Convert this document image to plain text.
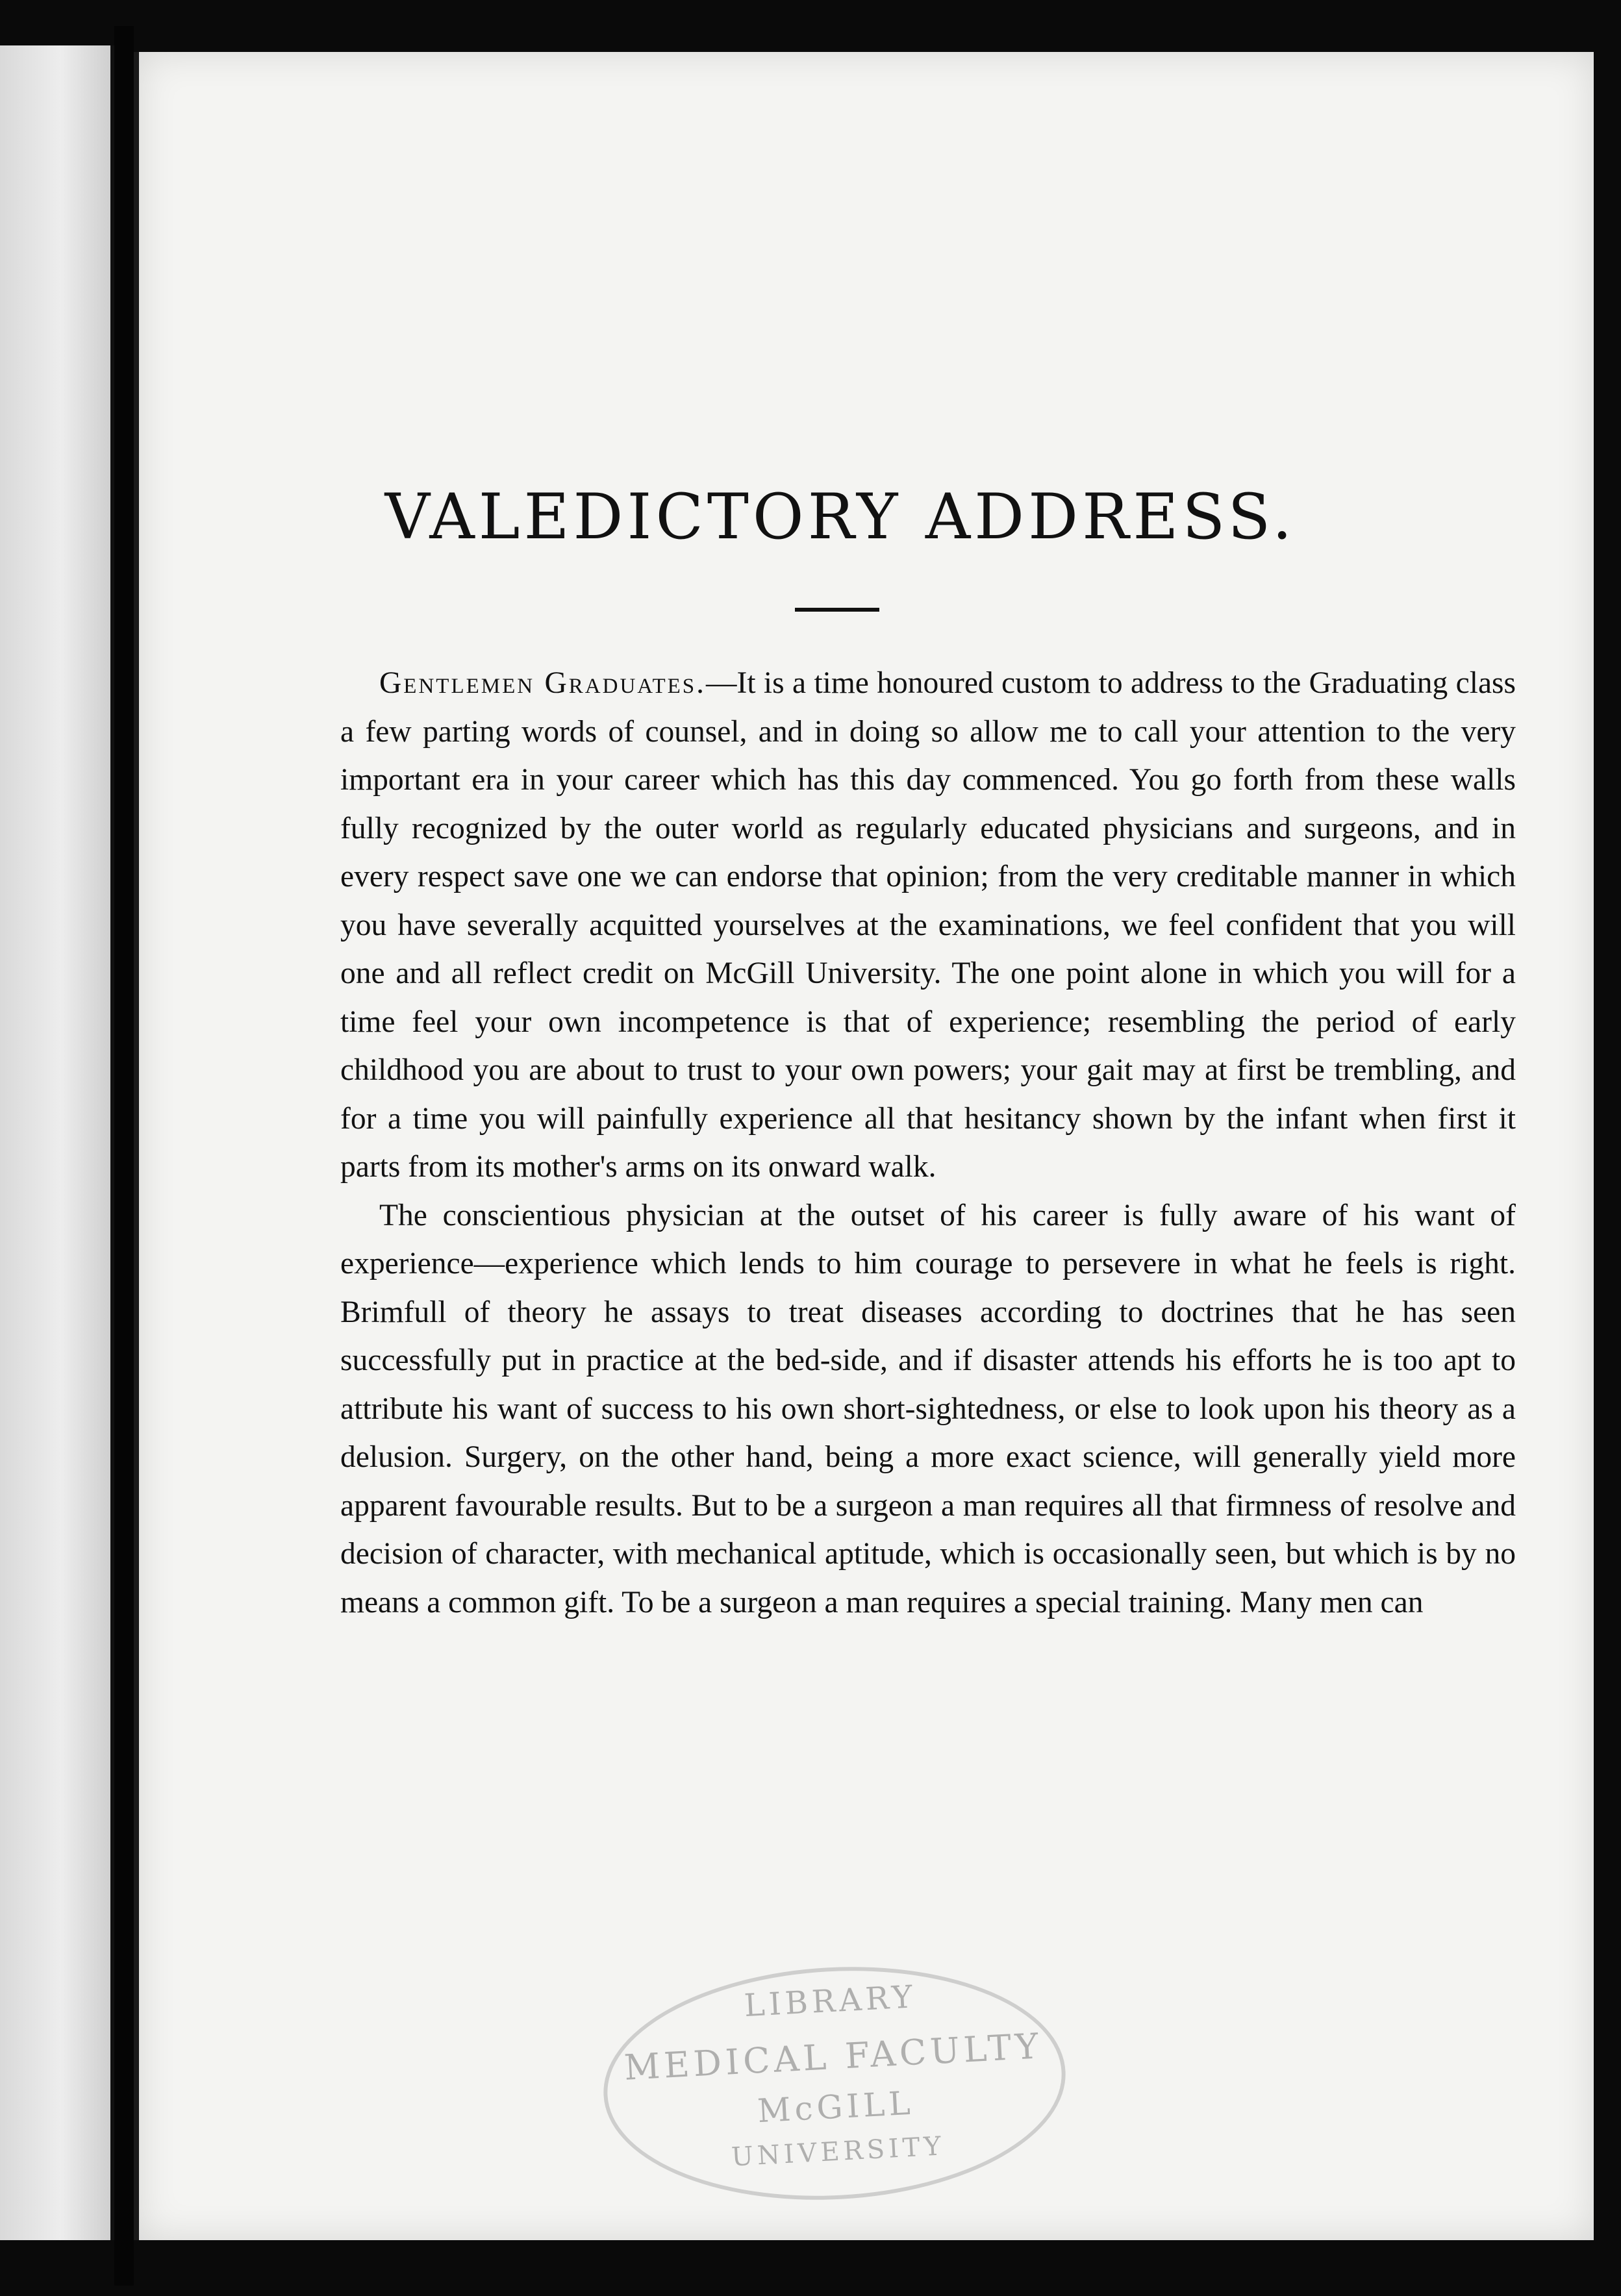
VALEDICTORY ADDRESS.

Gentlemen Graduates.—It is a time honoured custom to address to the Graduating class a few parting words of counsel, and in doing so allow me to call your attention to the very important era in your career which has this day commenced. You go forth from these walls fully recognized by the outer world as regularly educated physicians and surgeons, and in every respect save one we can endorse that opinion; from the very creditable manner in which you have severally acquitted yourselves at the examinations, we feel confident that you will one and all reflect credit on McGill University. The one point alone in which you will for a time feel your own incompetence is that of experience; resembling the period of early childhood you are about to trust to your own powers; your gait may at first be trembling, and for a time you will painfully experience all that hesitancy shown by the infant when first it parts from its mother's arms on its onward walk.

The conscientious physician at the outset of his career is fully aware of his want of experience—experience which lends to him courage to persevere in what he feels is right. Brimfull of theory he assays to treat diseases according to doctrines that he has seen successfully put in practice at the bed-side, and if disaster attends his efforts he is too apt to attribute his want of success to his own short-sightedness, or else to look upon his theory as a delusion. Surgery, on the other hand, being a more exact science, will generally yield more apparent favourable results. But to be a surgeon a man requires all that firmness of resolve and decision of character, with mechanical aptitude, which is occasionally seen, but which is by no means a common gift. To be a surgeon a man requires a special training. Many men can

LIBRARY
MEDICAL FACULTY
McGILL
UNIVERSITY
